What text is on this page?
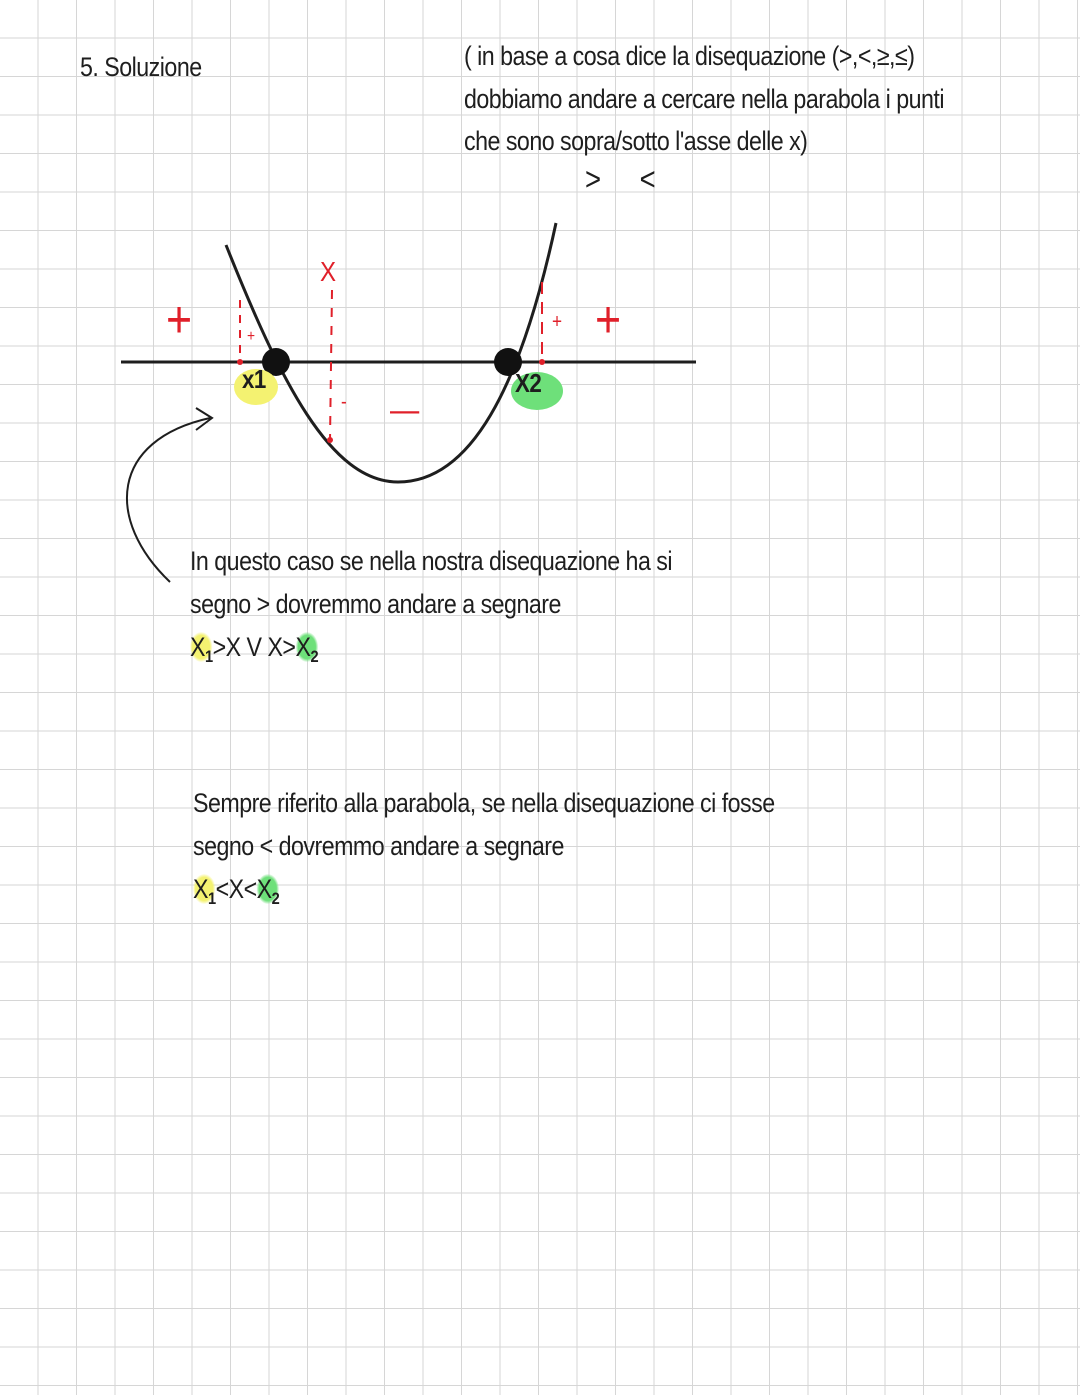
5. Soluzione	( in base a cosa dice la disequazione (>,<,≥,≤)
dobbiamo andare a cercare nella parabola i punti
che sono sopra/sotto l'asse delle x)
> <
x1	X2
+	+
—
+
+
-
X
In questo caso se nella nostra disequazione ha si
segno > dovremmo andare a segnare
$X_1>X$ V $X>X_2$
Sempre riferito alla parabola, se nella disequazione ci fosse
segno < dovremmo andare a segnare
$X_1<X<X_2$
